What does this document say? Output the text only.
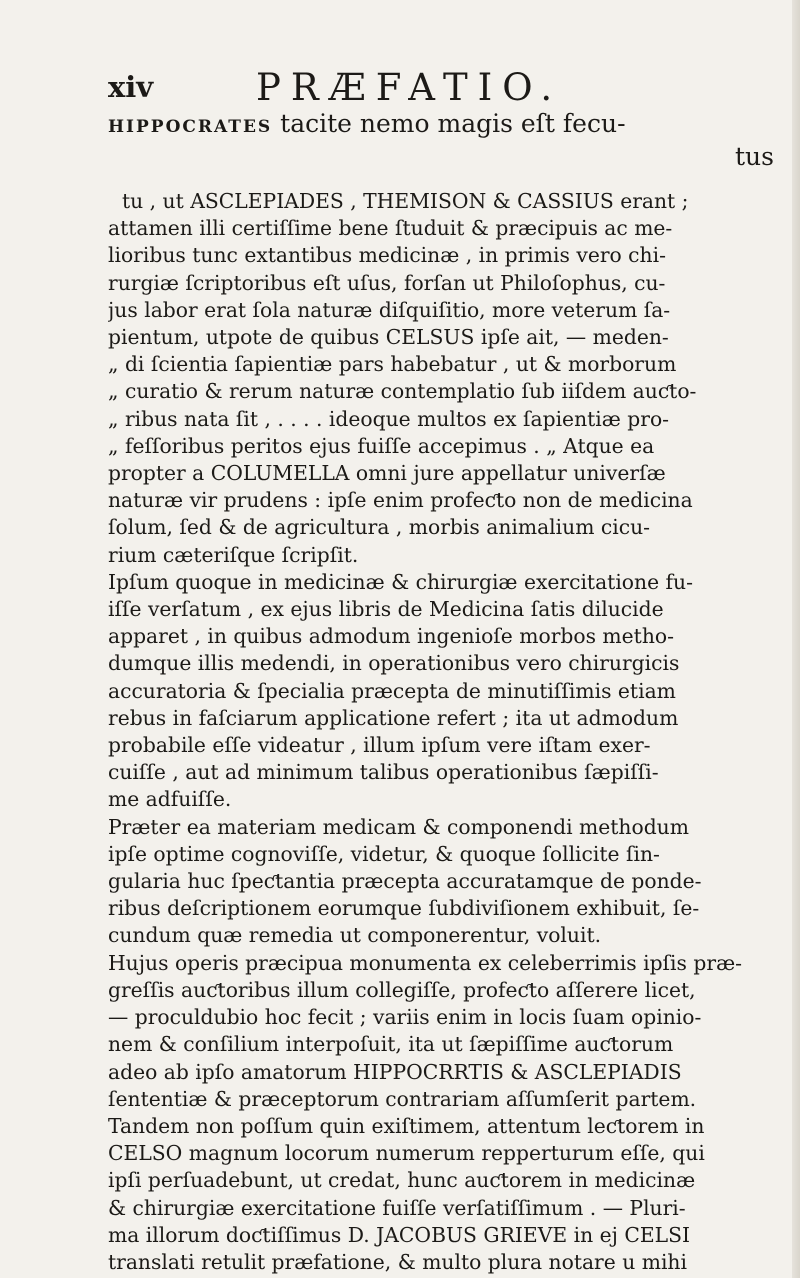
xiv	PRÆFATIO.
HIPPOCRATES tacite nemo magis eſt fecu-
tus
tu , ut ASCLEPIADES , THEMISON & CASSIUS erant ;
attamen illi certiſſime bene ſtuduit & præcipuis ac me-
lioribus tunc extantibus medicinæ , in primis vero chi-
rurgiæ ſcriptoribus eſt uſus, forſan ut Philoſophus, cu-
jus labor erat ſola naturæ diſquiſitio, more veterum ſa-
pientum, utpote de quibus CELSUS ipſe ait, — meden-
„ di ſcientia ſapientiæ pars habebatur , ut & morborum
„ curatio & rerum naturæ contemplatio ſub iiſdem auƈto-
„ ribus nata ſit , . . . . ideoque multos ex ſapientiæ pro-
„ feſſoribus peritos ejus fuiſſe accepimus . „ Atque ea
propter a COLUMELLA omni jure appellatur univerſæ
naturæ vir prudens : ipſe enim profeƈto non de medicina
ſolum, ſed & de agricultura , morbis animalium cicu-
rium cæteriſque ſcripſit.
Ipſum quoque in medicinæ & chirurgiæ exercitatione fu-
iſſe verſatum , ex ejus libris de Medicina ſatis dilucide
apparet , in quibus admodum ingenioſe morbos metho-
dumque illis medendi, in operationibus vero chirurgicis
accuratoria & ſpecialia præcepta de minutiſſimis etiam
rebus in faſciarum applicatione refert ; ita ut admodum
probabile eſſe videatur , illum ipſum vere iſtam exer-
cuiſſe , aut ad minimum talibus operationibus ſæpiſſi-
me adfuiſſe.
Præter ea materiam medicam & componendi methodum
ipſe optime cognoviſſe, videtur, & quoque ſollicite ſin-
gularia huc ſpeƈtantia præcepta accuratamque de ponde-
ribus deſcriptionem eorumque ſubdiviſionem exhibuit, ſe-
cundum quæ remedia ut componerentur, voluit.
Hujus operis præcipua monumenta ex celeberrimis ipſis præ-
greſſis auƈtoribus illum collegiſſe, profeƈto aſſerere licet,
— proculdubio hoc fecit ; variis enim in locis ſuam opinio-
nem & conſilium interpoſuit, ita ut ſæpiſſime auƈtorum
adeo ab ipſo amatorum HIPPOCRRTIS & ASCLEPIADIS
ſententiæ & præceptorum contrariam aſſumſerit partem.
Tandem non poſſum quin exiſtimem, attentum leƈtorem in
CELSO magnum locorum numerum repperturum eſſe, qui
ipſi perſuadebunt, ut credat, hunc auƈtorem in medicinæ
& chirurgiæ exercitatione fuiſſe verſatiſſimum . — Pluri-
ma illorum doƈtiſſimus D. JACOBUS GRIEVE in ej CELSI
translati retulit præfatione, & multo plura notare u mihi
